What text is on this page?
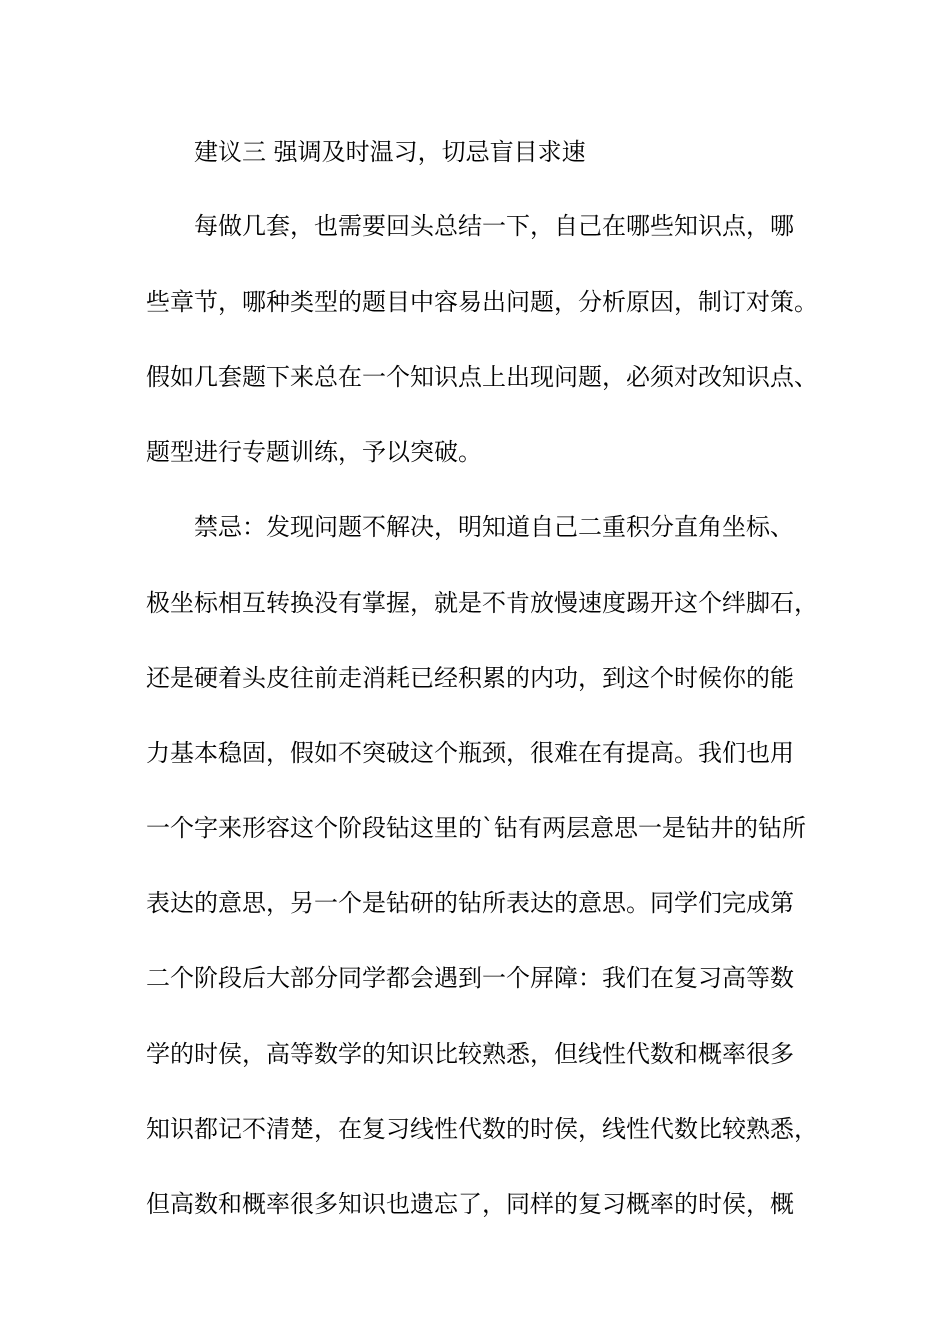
建议三 强调及时温习，切忌盲目求速
每做几套，也需要回头总结一下，自己在哪些知识点，哪
些章节，哪种类型的题目中容易出问题，分析原因，制订对策。
假如几套题下来总在一个知识点上出现问题，必须对改知识点、
题型进行专题训练，予以突破。
禁忌：发现问题不解决，明知道自己二重积分直角坐标、
极坐标相互转换没有掌握，就是不肯放慢速度踢开这个绊脚石，
还是硬着头皮往前走消耗已经积累的内功，到这个时候你的能
力基本稳固，假如不突破这个瓶颈，很难在有提高。我们也用
一个字来形容这个阶段钻这里的`钻有两层意思一是钻井的钻所
表达的意思，另一个是钻研的钻所表达的意思。同学们完成第
二个阶段后大部分同学都会遇到一个屏障：我们在复习高等数
学的时侯，高等数学的知识比较熟悉，但线性代数和概率很多
知识都记不清楚，在复习线性代数的时侯，线性代数比较熟悉，
但高数和概率很多知识也遗忘了，同样的复习概率的时侯，概
